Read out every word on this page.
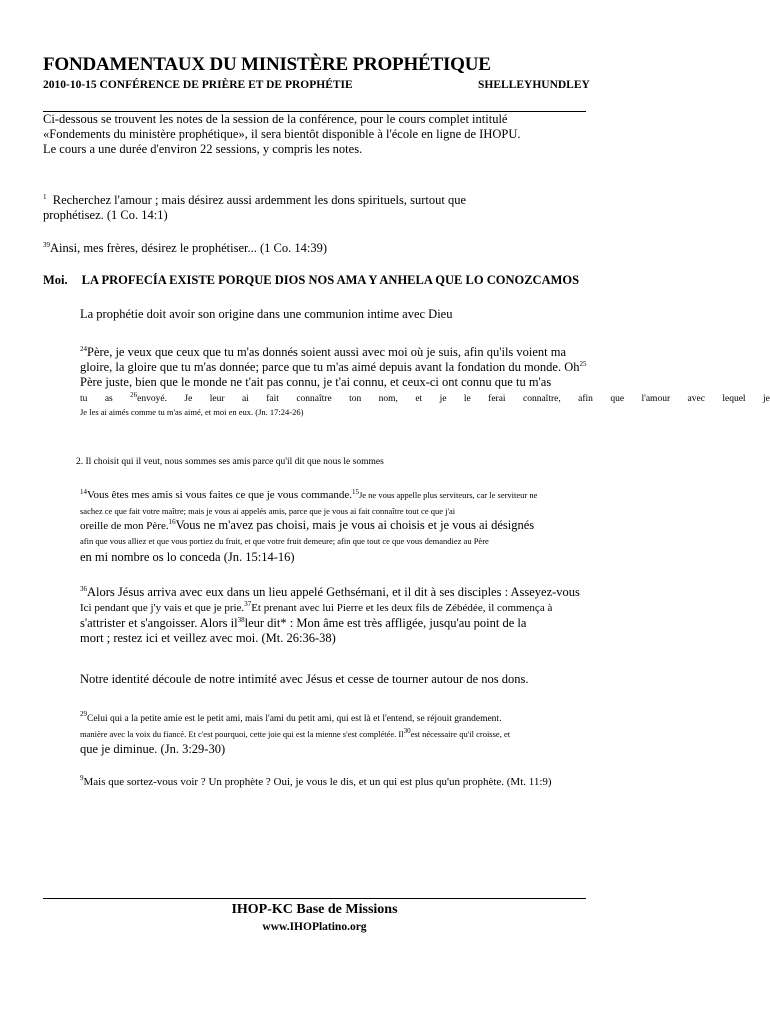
FONDAMENTAUX DU MINISTÈRE PROPHÉTIQUE
2010-10-15 CONFÉRENCE DE PRIÈRE ET DE PROPHÉTIE	SHELLEYHUNDLEY
Ci-dessous se trouvent les notes de la session de la conférence, pour le cours complet intitulé
«Fondements du ministère prophétique», il sera bientôt disponible à l'école en ligne de IHOPU.
Le cours a une durée d'environ 22 sessions, y compris les notes.
$^1$ Recherchez l'amour ; mais désirez aussi ardemment les dons spirituels, surtout que
prophétisez. (1 Co. 14:1)
$^{39}$Ainsi, mes frères, désirez le prophétiser... (1 Co. 14:39)
Moi. LA PROFECÍA EXISTE PORQUE DIOS NOS AMA Y ANHELA QUE LO CONOZCAMOS
La prophétie doit avoir son origine dans une communion intime avec Dieu
$^{24}$Père, je veux que ceux que tu m'as donnés soient aussi avec moi où je suis, afin qu'ils voient ma
gloire, la gloire que tu m'as donnée; parce que tu m'as aimé depuis avant la fondation du monde. Oh$^{25}$
Père juste, bien que le monde ne t'ait pas connu, je t'ai connu, et ceux-ci ont connu que tu m'as
tu as $^{26}$envoyé. Je leur ai fait connaître ton nom, et je le ferai connaître, afin que l'amour avec lequel je
Je les ai aimés comme tu m'as aimé, et moi en eux. (Jn. 17:24-26)
2. Il choisit qui il veut, nous sommes ses amis parce qu'il dit que nous le sommes
$^{14}$Vous êtes mes amis si vous faites ce que je vous commande.$^{15}$Je ne vous appelle plus serviteurs, car le serviteur ne
sachez ce que fait votre maître; mais je vous ai appelés amis, parce que je vous ai fait connaître tout ce que j'ai
oreille de mon Père.$^{16}$Vous ne m'avez pas choisi, mais je vous ai choisis et je vous ai désignés
afin que vous alliez et que vous portiez du fruit, et que votre fruit demeure; afin que tout ce que vous demandiez au Père
en mi nombre os lo conceda (Jn. 15:14-16)
$^{36}$Alors Jésus arriva avec eux dans un lieu appelé Gethsémani, et il dit à ses disciples : Asseyez-vous
Ici pendant que j'y vais et que je prie.$^{37}$Et prenant avec lui Pierre et les deux fils de Zébédée, il commença à
s'attrister et s'angoisser. Alors $il^{38}leur$ dit* : Mon âme est très affligée, jusqu'au point de la
mort ; restez ici et veillez avec moi. (Mt. 26:36-38)
Notre identité découle de notre intimité avec Jésus et cesse de tourner autour de nos dons.
$^{29}$Celui qui a la petite amie est le petit ami, mais l'ami du petit ami, qui est là et l'entend, se réjouit grandement.
manière avec la voix du fiancé. Et c'est pourquoi, cette joie qui est la mienne s'est complétée. Il$^{30}$est nécessaire qu'il croisse, et
que je diminue. (Jn. 3:29-30)
$^9$Mais que sortez-vous voir ? Un prophète ? Oui, je vous le dis, et un qui est plus qu'un prophète. (Mt. 11:9)
IHOP-KC Base de Missions
www.IHOPlatino.org
